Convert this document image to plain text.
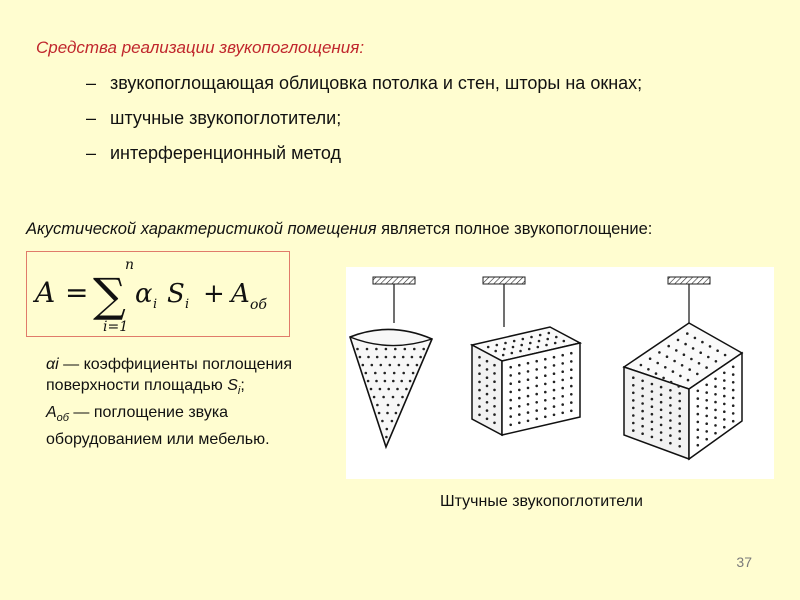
Средства реализации звукопоглощения:
– звукопоглощающая облицовка потолка и стен, шторы на окнах;
– штучные звукопоглотители;
– интерференционный метод
Акустической характеристикой помещения является полное звукопоглощение:
A =
n
∑
i=1
α i S i + A об

αi — коэффициенты поглощения поверхности площадью $S_i$;

$A_{об}$ — поглощение звука оборудованием или мебелью.

Штучные звукопоглотители
37
